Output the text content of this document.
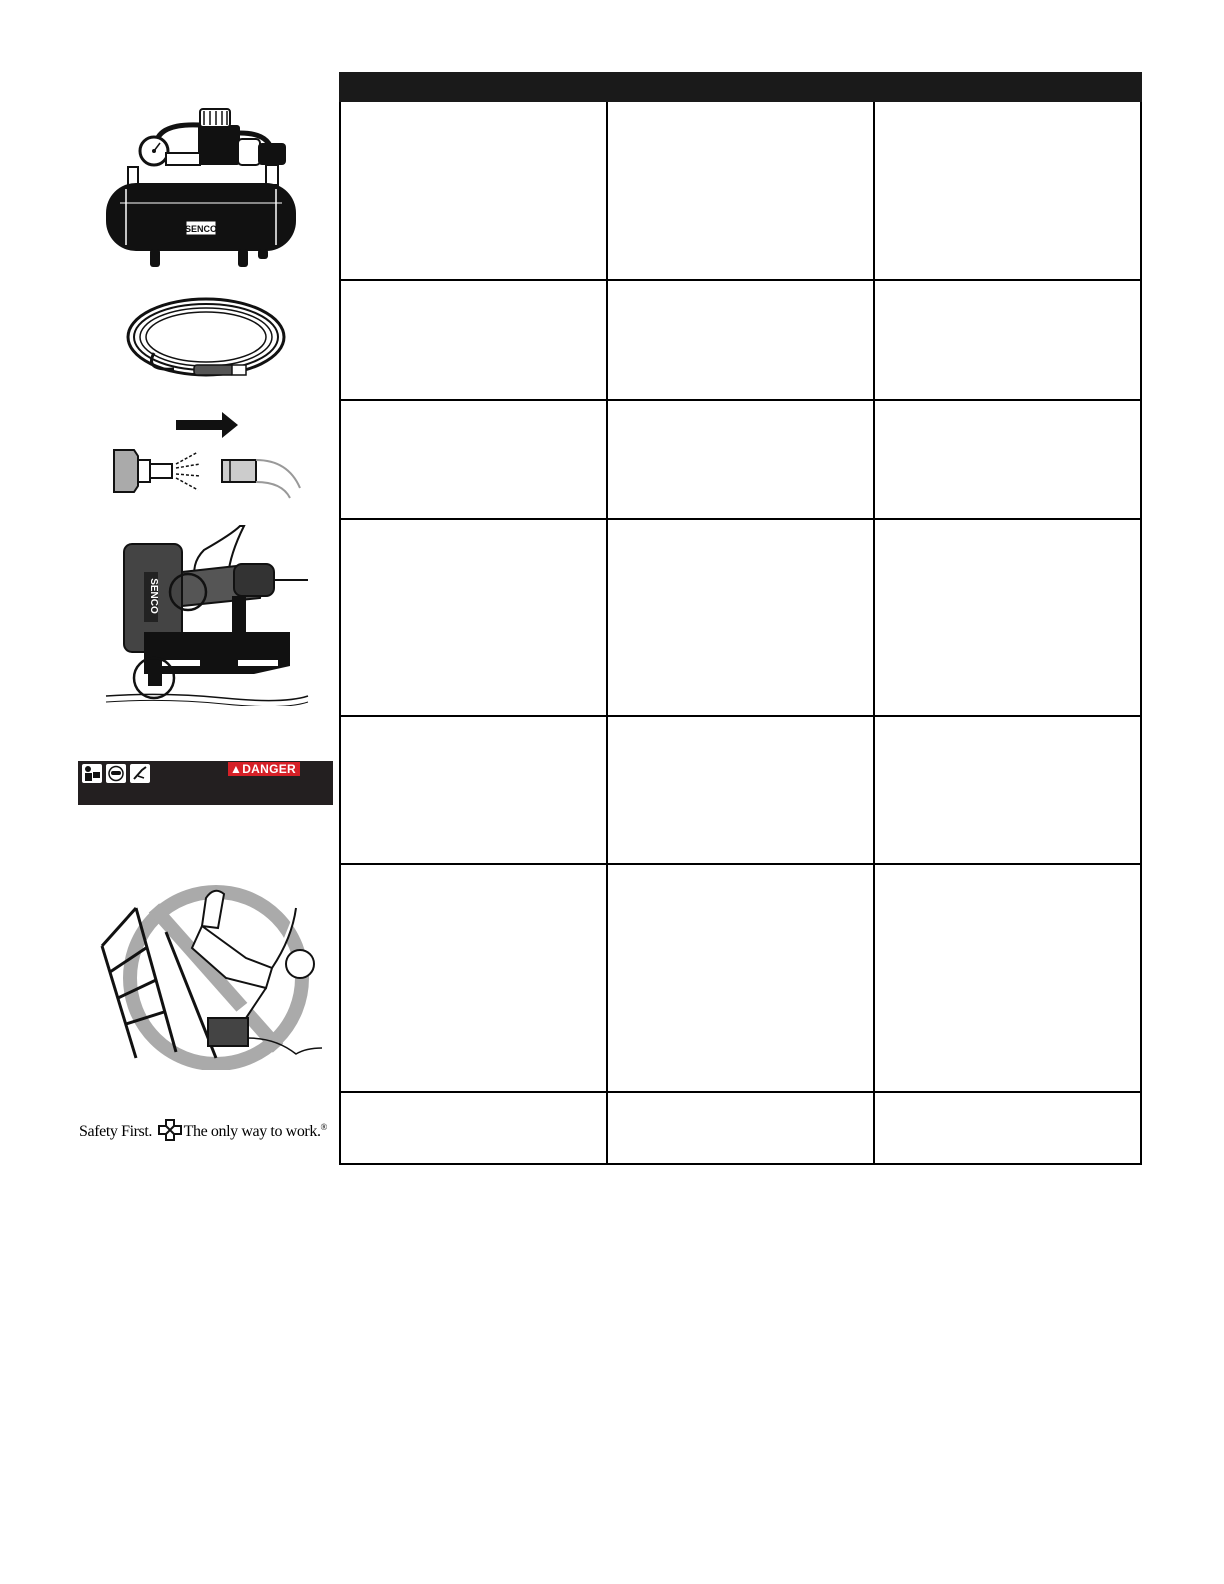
SENCO
SENCO
▲DANGER
Safety First. The only way to work.®
